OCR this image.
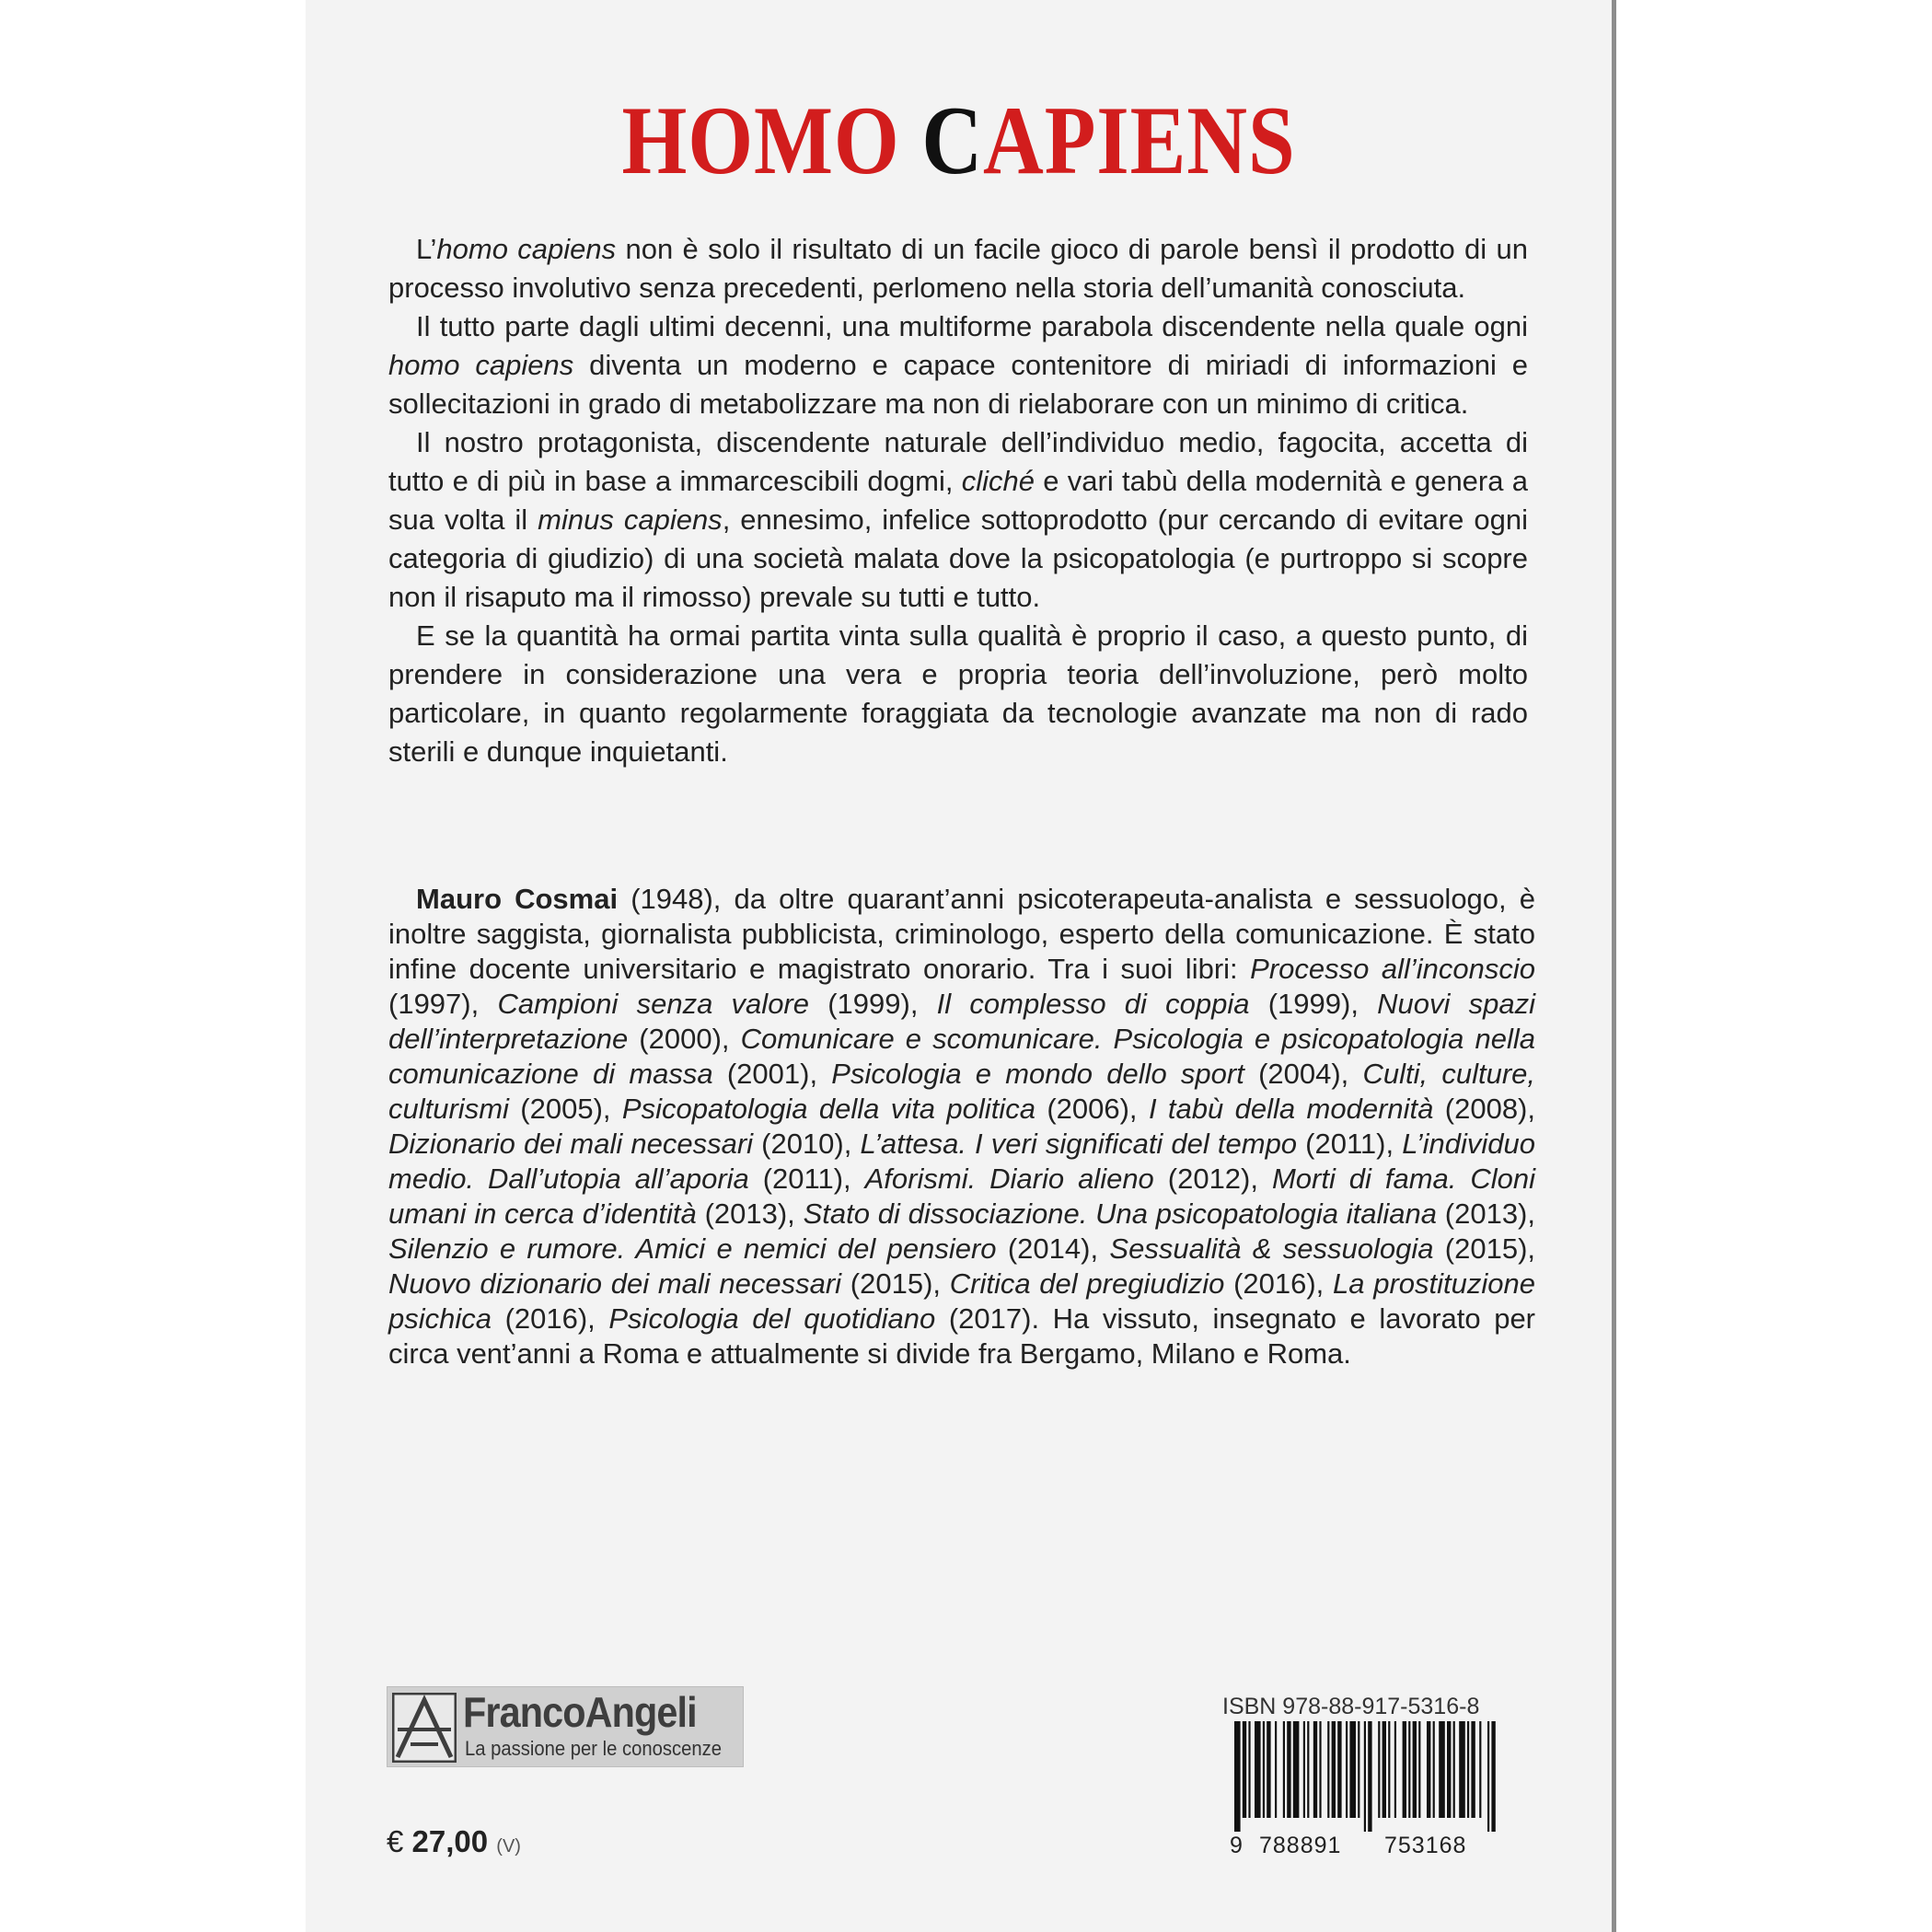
HOMO CAPIENS

L’homo capiens non è solo il risultato di un facile gioco di parole bensì il prodotto di un processo involutivo senza precedenti, perlomeno nella storia dell’umanità conosciuta.

Il tutto parte dagli ultimi decenni, una multiforme parabola discendente nella quale ogni homo capiens diventa un moderno e capace contenitore di miriadi di informazioni e sollecitazioni in grado di metabolizzare ma non di rielaborare con un minimo di critica.

Il nostro protagonista, discendente naturale dell’individuo medio, fagocita, accetta di tutto e di più in base a immarcescibili dogmi, cliché e vari tabù della modernità e genera a sua volta il minus capiens, ennesimo, infelice sottoprodotto (pur cercando di evitare ogni categoria di giudizio) di una società malata dove la psicopatologia (e purtroppo si scopre non il risaputo ma il rimosso) prevale su tutti e tutto.

E se la quantità ha ormai partita vinta sulla qualità è proprio il caso, a questo punto, di prendere in considerazione una vera e propria teoria dell’involuzione, però molto particolare, in quanto regolarmente foraggiata da tecnologie avanzate ma non di rado sterili e dunque inquietanti.

Mauro Cosmai (1948), da oltre quarant’anni psicoterapeuta-analista e sessuologo, è inoltre saggista, giornalista pubblicista, criminologo, esperto della comunicazione. È stato infine docente universitario e magistrato onorario. Tra i suoi libri: Processo all’inconscio (1997), Campioni senza valore (1999), Il complesso di coppia (1999), Nuovi spazi dell’interpretazione (2000), Comunicare e scomunicare. Psicologia e psicopatologia nella comunicazione di massa (2001), Psicologia e mondo dello sport (2004), Culti, culture, culturismi (2005), Psicopatologia della vita politica (2006), I tabù della modernità (2008), Dizionario dei mali necessari (2010), L’attesa. I veri significati del tempo (2011), L’individuo medio. Dall’utopia all’aporia (2011), Aforismi. Diario alieno (2012), Morti di fama. Cloni umani in cerca d’identità (2013), Stato di dissociazione. Una psicopatologia italiana (2013), Silenzio e rumore. Amici e nemici del pensiero (2014), Sessualità & sessuologia (2015), Nuovo dizionario dei mali necessari (2015), Critica del pregiudizio (2016), La prostituzione psichica (2016), Psicologia del quotidiano (2017). Ha vissuto, insegnato e lavorato per circa vent’anni a Roma e attualmente si divide fra Bergamo, Milano e Roma.

FrancoAngeli
La passione per le conoscenze
€ 27,00 (V)
ISBN 978-88-917-5316-8
9 788891 753168
